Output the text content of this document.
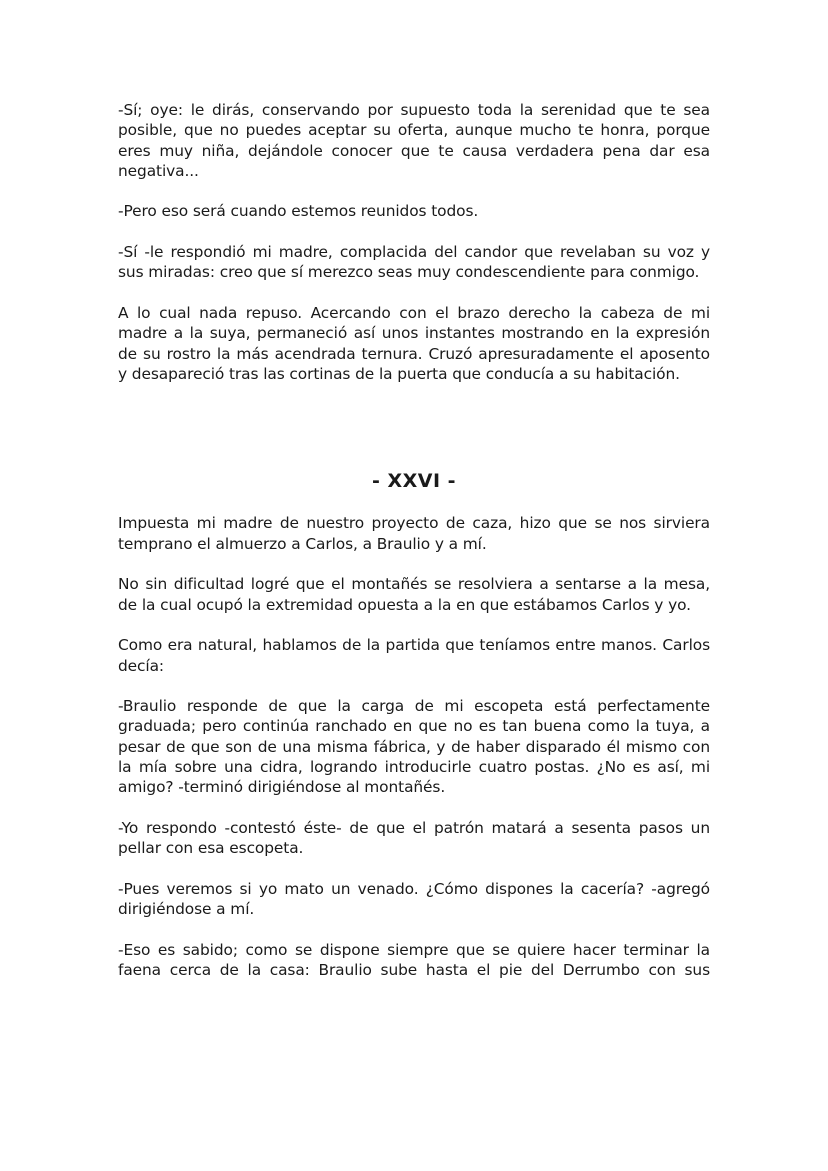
-Sí; oye: le dirás, conservando por supuesto toda la serenidad que te sea posible, que no puedes aceptar su oferta, aunque mucho te honra, porque eres muy niña, dejándole conocer que te causa verdadera pena dar esa negativa...

-Pero eso será cuando estemos reunidos todos.

-Sí -le respondió mi madre, complacida del candor que revelaban su voz y sus miradas: creo que sí merezco seas muy condescendiente para conmigo.

A lo cual nada repuso. Acercando con el brazo derecho la cabeza de mi madre a la suya, permaneció así unos instantes mostrando en la expresión de su rostro la más acendrada ternura. Cruzó apresuradamente el aposento y desapareció tras las cortinas de la puerta que conducía a su habitación.

- XXVI -

Impuesta mi madre de nuestro proyecto de caza, hizo que se nos sirviera temprano el almuerzo a Carlos, a Braulio y a mí.

No sin dificultad logré que el montañés se resolviera a sentarse a la mesa, de la cual ocupó la extremidad opuesta a la en que estábamos Carlos y yo.

Como era natural, hablamos de la partida que teníamos entre manos. Carlos decía:

-Braulio responde de que la carga de mi escopeta está perfectamente graduada; pero continúa ranchado en que no es tan buena como la tuya, a pesar de que son de una misma fábrica, y de haber disparado él mismo con la mía sobre una cidra, logrando introducirle cuatro postas. ¿No es así, mi amigo? -terminó dirigiéndose al montañés.

-Yo respondo -contestó éste- de que el patrón matará a sesenta pasos un pellar con esa escopeta.

-Pues veremos si yo mato un venado. ¿Cómo dispones la cacería? -agregó dirigiéndose a mí.

-Eso es sabido; como se dispone siempre que se quiere hacer terminar la faena cerca de la casa: Braulio sube hasta el pie del Derrumbo con sus
